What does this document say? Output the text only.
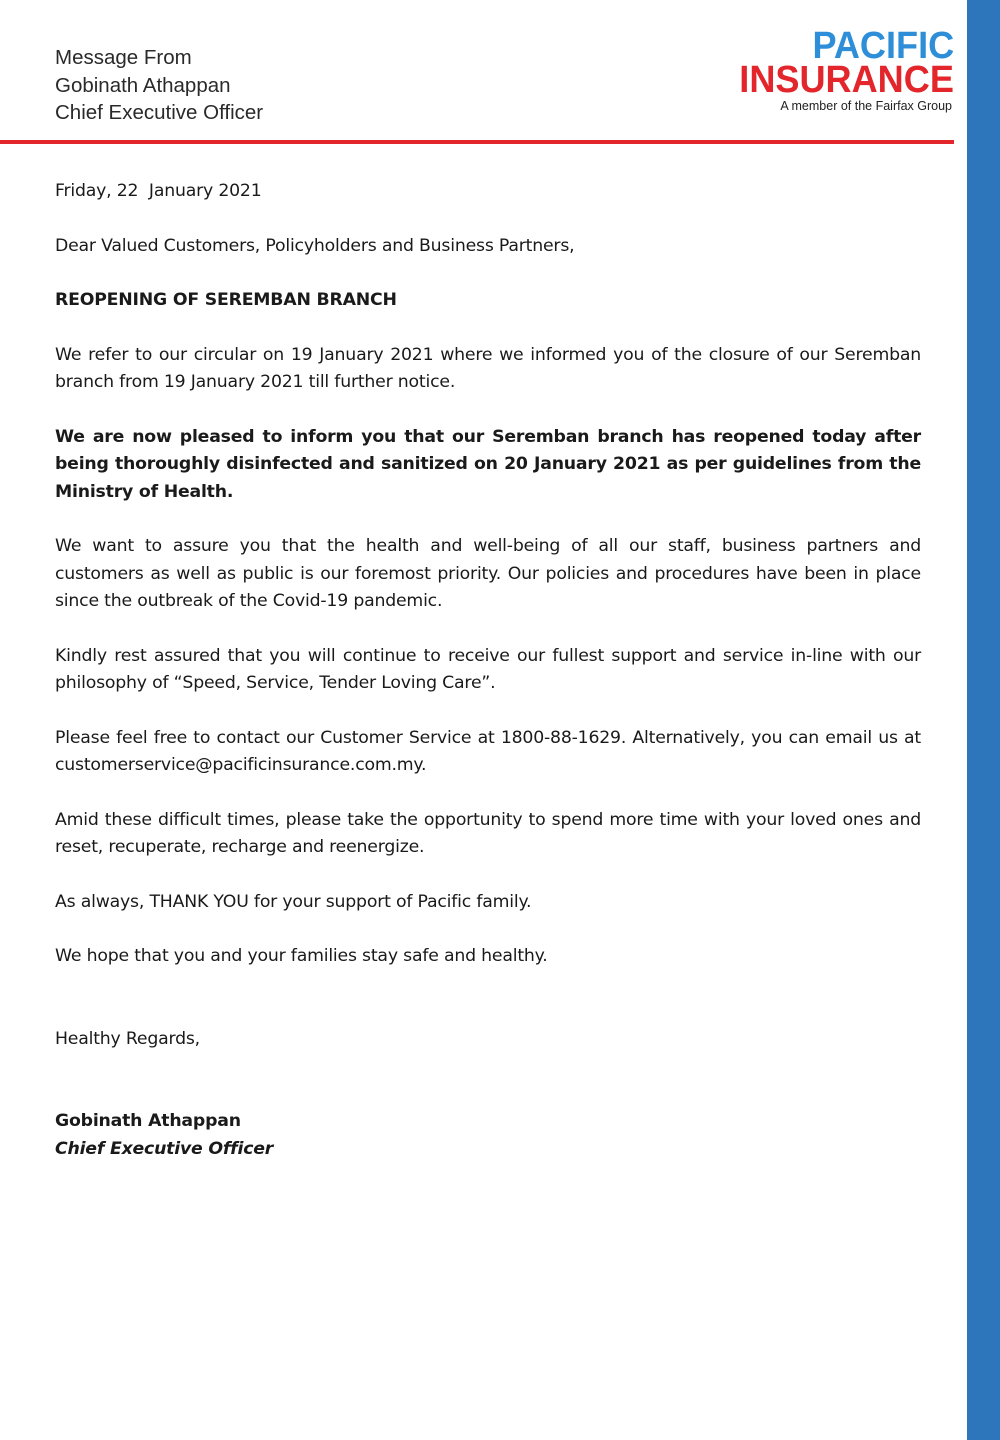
Message From
Gobinath Athappan
Chief Executive Officer
PACIFIC
INSURANCE
A member of the Fairfax Group

Friday, 22  January 2021

Dear Valued Customers, Policyholders and Business Partners,

REOPENING OF SEREMBAN BRANCH

We refer to our circular on 19 January 2021 where we informed you of the closure of our Seremban branch from 19 January 2021 till further notice.

We are now pleased to inform you that our Seremban branch has reopened today after being thoroughly disinfected and sanitized on 20 January 2021 as per guidelines from the Ministry of Health.

We want to assure you that the health and well-being of all our staff, business partners and customers as well as public is our foremost priority. Our policies and procedures have been in place since the outbreak of the Covid-19 pandemic.

Kindly rest assured that you will continue to receive our fullest support and service in-line with our philosophy of “Speed, Service, Tender Loving Care”.

Please feel free to contact our Customer Service at 1800-88-1629. Alternatively, you can email us at customerservice@pacificinsurance.com.my.

Amid these difficult times, please take the opportunity to spend more time with your loved ones and reset, recuperate, recharge and reenergize.

As always, THANK YOU for your support of Pacific family.

We hope that you and your families stay safe and healthy.

Healthy Regards,

Gobinath Athappan
Chief Executive Officer
